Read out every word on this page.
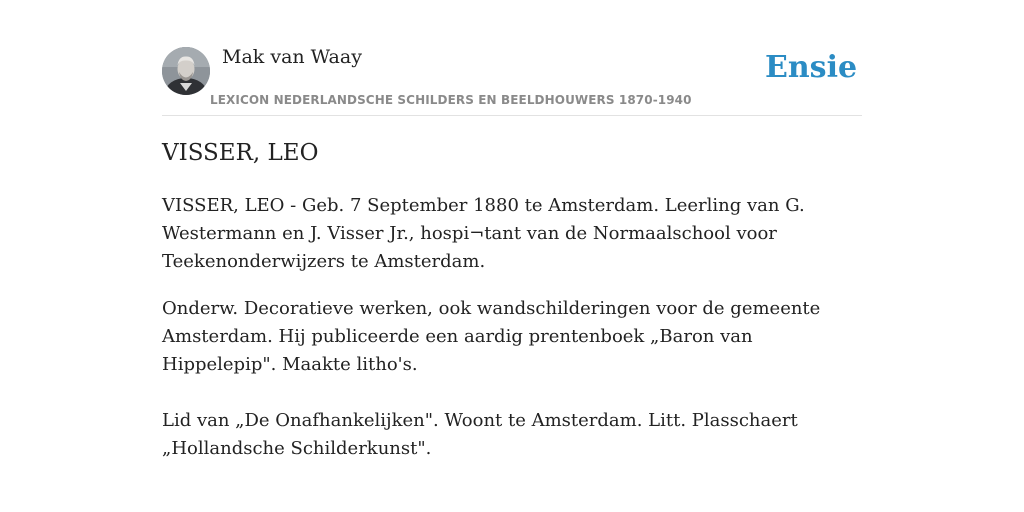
Mak van Waay
LEXICON NEDERLANDSCHE SCHILDERS EN BEELDHOUWERS 1870-1940
Ensie
VISSER, LEO

VISSER, LEO - Geb. 7 September 1880 te Amsterdam. Leerling van G. Westermann en J. Visser Jr., hospi¬tant van de Normaalschool voor Teekenonderwijzers te Amsterdam.

Onderw. Decoratieve werken, ook wandschilderingen voor de gemeente Amsterdam. Hij publiceerde een aardig prentenboek „Baron van Hippelepip". Maakte litho's.

Lid van „De Onafhankelijken". Woont te Amsterdam. Litt. Plasschaert „Hollandsche Schilderkunst".
